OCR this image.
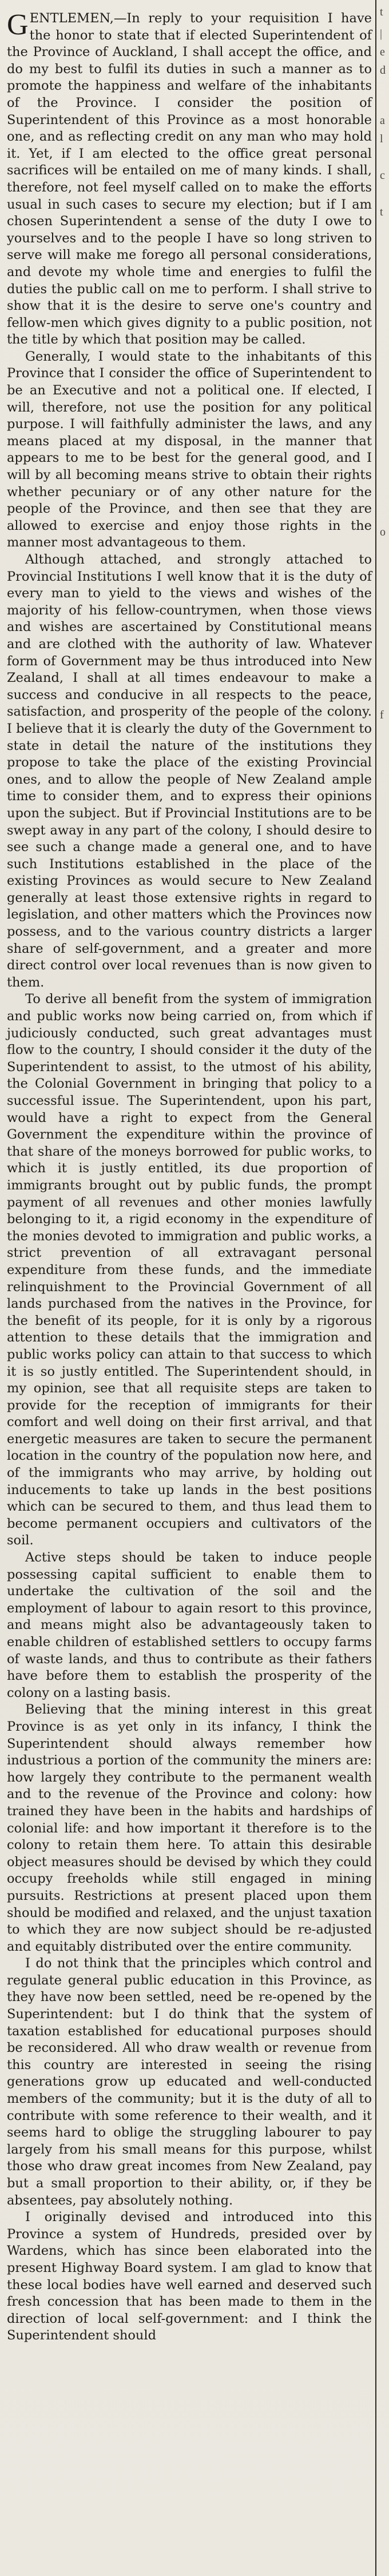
GENTLEMEN,—In reply to your requisition I have the honor to state that if elected Superintendent of the Province of Auckland, I shall accept the office, and do my best to fulfil its duties in such a manner as to promote the happiness and welfare of the inhabitants of the Province. I consider the position of Superintendent of this Province as a most honorable one, and as reflecting credit on any man who may hold it. Yet, if I am elected to the office great personal sacrifices will be entailed on me of many kinds. I shall, therefore, not feel myself called on to make the efforts usual in such cases to secure my election; but if I am chosen Superintendent a sense of the duty I owe to yourselves and to the people I have so long striven to serve will make me forego all personal considerations, and devote my whole time and energies to fulfil the duties the public call on me to perform. I shall strive to show that it is the desire to serve one's country and fellow-men which gives dignity to a public position, not the title by which that position may be called.

Generally, I would state to the inhabitants of this Province that I consider the office of Superintendent to be an Executive and not a political one. If elected, I will, therefore, not use the position for any political purpose. I will faithfully administer the laws, and any means placed at my disposal, in the manner that appears to me to be best for the general good, and I will by all becoming means strive to obtain their rights whether pecuniary or of any other nature for the people of the Province, and then see that they are allowed to exercise and enjoy those rights in the manner most advantageous to them.

Although attached, and strongly attached to Provincial Institutions I well know that it is the duty of every man to yield to the views and wishes of the majority of his fellow-countrymen, when those views and wishes are ascertained by Constitutional means and are clothed with the authority of law. Whatever form of Government may be thus introduced into New Zealand, I shall at all times endeavour to make a success and conducive in all respects to the peace, satisfaction, and prosperity of the people of the colony. I believe that it is clearly the duty of the Government to state in detail the nature of the institutions they propose to take the place of the existing Provincial ones, and to allow the people of New Zealand ample time to consider them, and to express their opinions upon the subject. But if Provincial Institutions are to be swept away in any part of the colony, I should desire to see such a change made a general one, and to have such Institutions established in the place of the existing Provinces as would secure to New Zealand generally at least those extensive rights in regard to legislation, and other matters which the Provinces now possess, and to the various country districts a larger share of self-government, and a greater and more direct control over local revenues than is now given to them.

To derive all benefit from the system of immigration and public works now being carried on, from which if judiciously conducted, such great advantages must flow to the country, I should consider it the duty of the Superintendent to assist, to the utmost of his ability, the Colonial Government in bringing that policy to a successful issue. The Superintendent, upon his part, would have a right to expect from the General Government the expenditure within the province of that share of the moneys borrowed for public works, to which it is justly entitled, its due proportion of immigrants brought out by public funds, the prompt payment of all revenues and other monies lawfully belonging to it, a rigid economy in the expenditure of the monies devoted to immigration and public works, a strict prevention of all extravagant personal expenditure from these funds, and the immediate relinquishment to the Provincial Government of all lands purchased from the natives in the Province, for the benefit of its people, for it is only by a rigorous attention to these details that the immigration and public works policy can attain to that success to which it is so justly entitled. The Superintendent should, in my opinion, see that all requisite steps are taken to provide for the reception of immigrants for their comfort and well doing on their first arrival, and that energetic measures are taken to secure the permanent location in the country of the population now here, and of the immigrants who may arrive, by holding out inducements to take up lands in the best positions which can be secured to them, and thus lead them to become permanent occupiers and cultivators of the soil.

Active steps should be taken to induce people possessing capital sufficient to enable them to undertake the cultivation of the soil and the employment of labour to again resort to this province, and means might also be advantageously taken to enable children of established settlers to occupy farms of waste lands, and thus to contribute as their fathers have before them to establish the prosperity of the colony on a lasting basis.

Believing that the mining interest in this great Province is as yet only in its infancy, I think the Superintendent should always remember how industrious a portion of the community the miners are: how largely they contribute to the permanent wealth and to the revenue of the Province and colony: how trained they have been in the habits and hardships of colonial life: and how important it therefore is to the colony to retain them here. To attain this desirable object measures should be devised by which they could occupy freeholds while still engaged in mining pursuits. Restrictions at present placed upon them should be modified and relaxed, and the unjust taxation to which they are now subject should be re-adjusted and equitably distributed over the entire community.

I do not think that the principles which control and regulate general public education in this Province, as they have now been settled, need be re-opened by the Superintendent: but I do think that the system of taxation established for educational purposes should be reconsidered. All who draw wealth or revenue from this country are interested in seeing the rising generations grow up educated and well-conducted members of the community; but it is the duty of all to contribute with some reference to their wealth, and it seems hard to oblige the struggling labourer to pay largely from his small means for this purpose, whilst those who draw great incomes from New Zealand, pay but a small proportion to their ability, or, if they be absentees, pay absolutely nothing.

I originally devised and introduced into this Province a system of Hundreds, presided over by Wardens, which has since been elaborated into the present Highway Board system. I am glad to know that these local bodies have well earned and deserved such fresh concession that has been made to them in the direction of local self-government: and I think the Superintendent should

t
|
e
d
a
l
c
t
o
f
